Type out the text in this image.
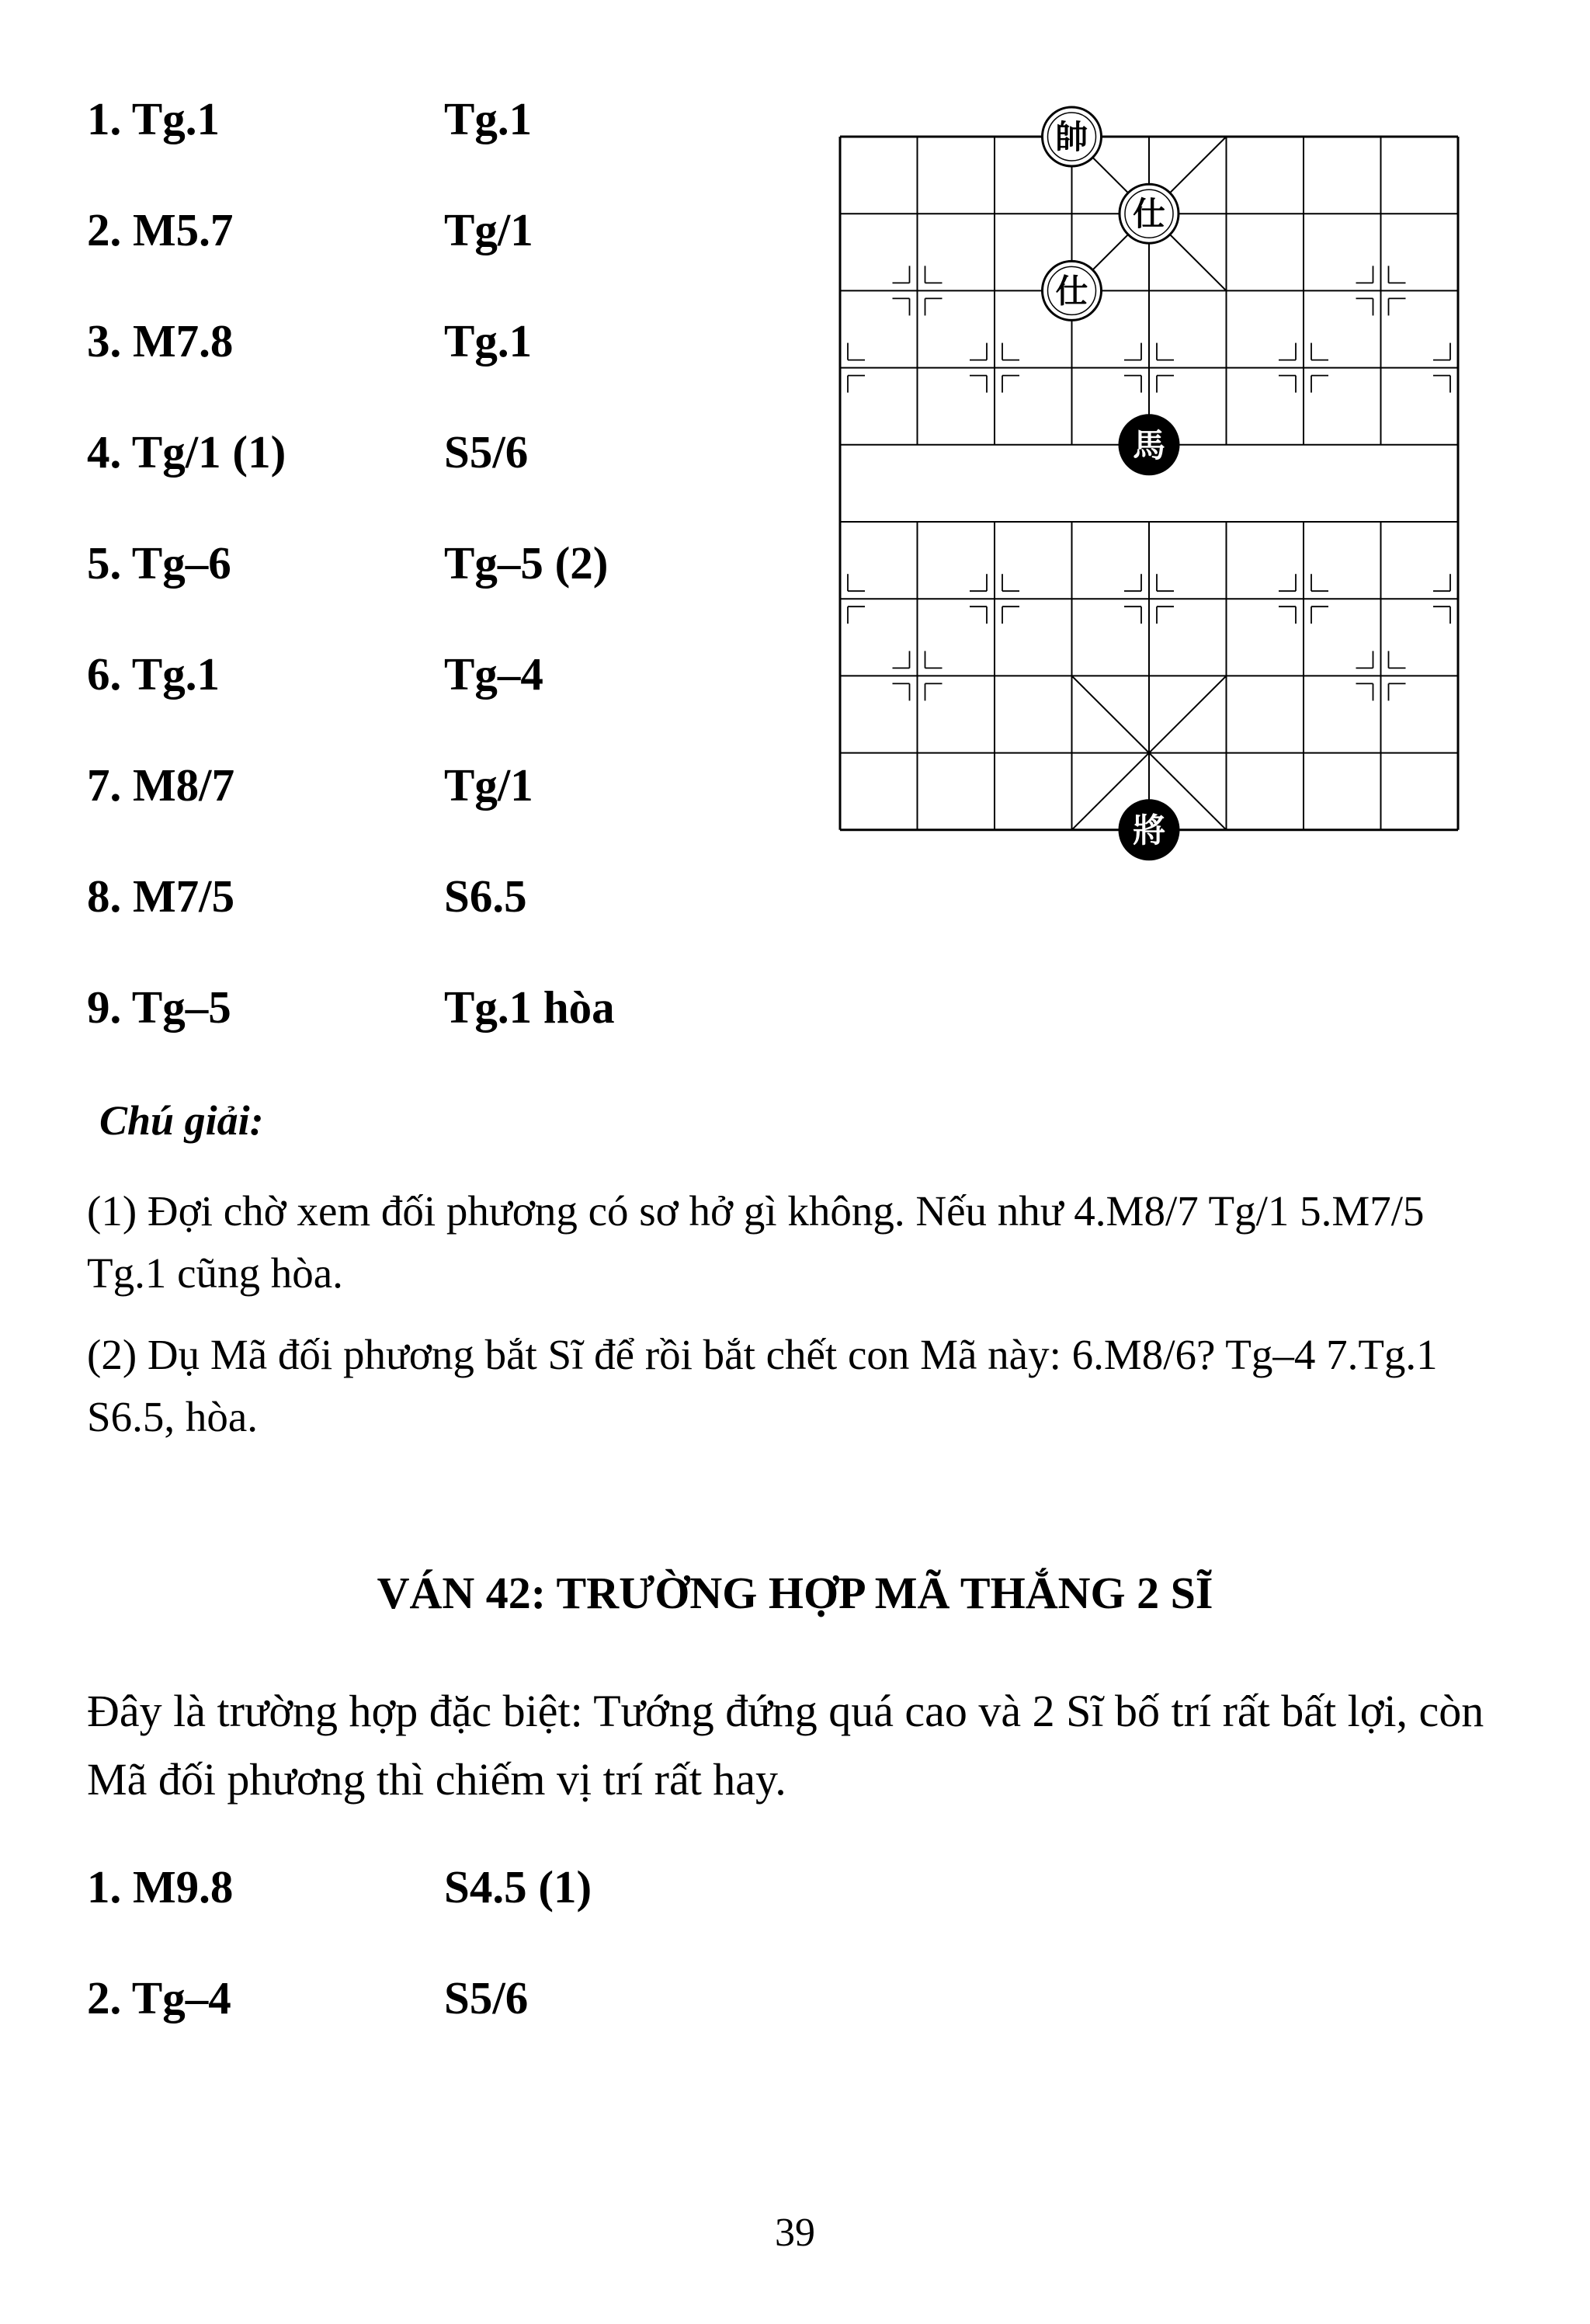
1. Tg.1	Tg.1
2. M5.7	Tg/1
3. M7.8	Tg.1
4. Tg/1 (1)	S5/6
5. Tg–6	Tg–5 (2)
6. Tg.1	Tg–4
7. M8/7	Tg/1
8. M7/5	S6.5
9. Tg–5	Tg.1 hòa
帥
仕
仕
馬
將
Chú giải:
(1) Đợi chờ xem đối phương có sơ hở gì không. Nếu như 4.M8/7 Tg/1 5.M7/5 Tg.1 cũng hòa.
(2) Dụ Mã đối phương bắt Sĩ để rồi bắt chết con Mã này: 6.M8/6? Tg–4 7.Tg.1 S6.5, hòa.
VÁN 42: TRƯỜNG HỢP MÃ THẮNG 2 SĨ
Đây là trường hợp đặc biệt: Tướng đứng quá cao và 2 Sĩ bố trí rất bất lợi, còn Mã đối phương thì chiếm vị trí rất hay.
1. M9.8	S4.5 (1)
2. Tg–4	S5/6
39
